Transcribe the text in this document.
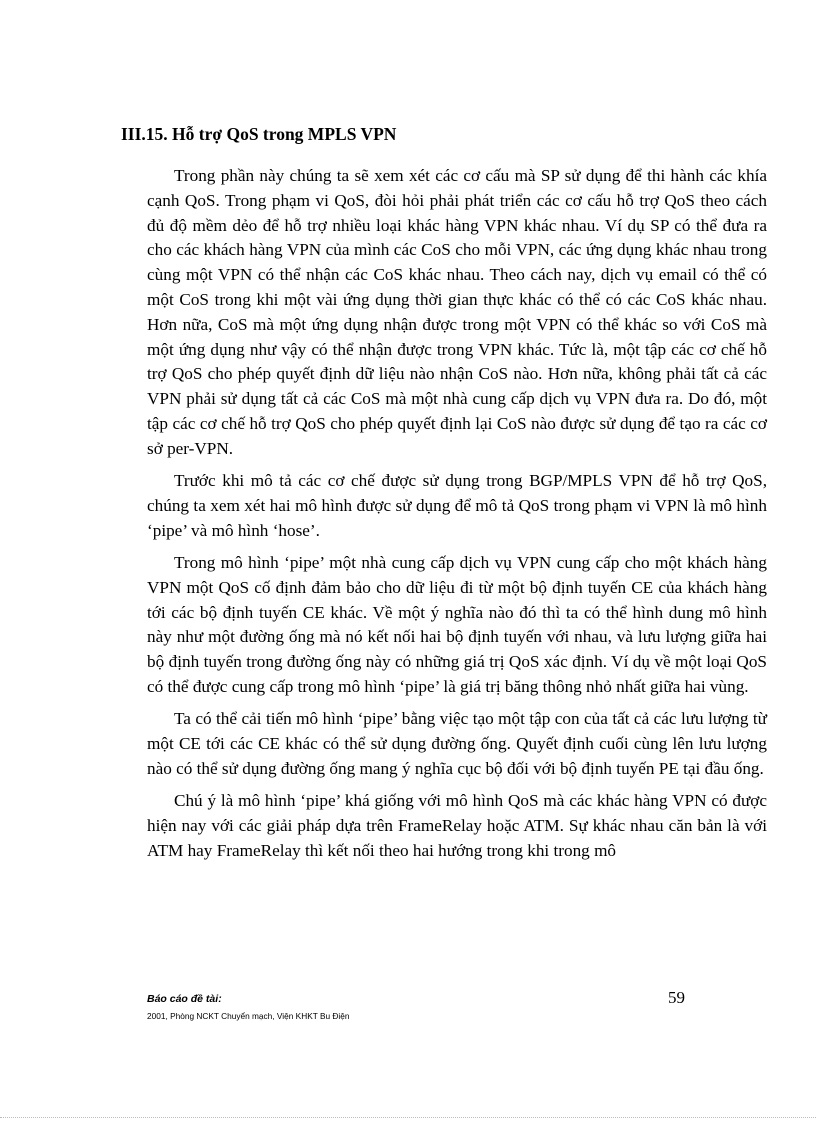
III.15. Hỗ trợ QoS trong MPLS VPN

Trong phần này chúng ta sẽ xem xét các cơ cấu mà SP sử dụng để thi hành các khía cạnh QoS. Trong phạm vi QoS, đòi hỏi phải phát triển các cơ cấu hỗ trợ QoS theo cách đủ độ mềm dẻo để hỗ trợ nhiều loại khác hàng VPN khác nhau. Ví dụ SP có thể đưa ra cho các khách hàng VPN của mình các CoS cho mỗi VPN, các ứng dụng khác nhau trong cùng một VPN có thể nhận các CoS khác nhau. Theo cách nay, dịch vụ email có thể có một CoS trong khi một vài ứng dụng thời gian thực khác có thể có các CoS khác nhau. Hơn nữa, CoS mà một ứng dụng nhận được trong một VPN có thể khác so với CoS mà một ứng dụng như vậy có thể nhận được trong VPN khác. Tức là, một tập các cơ chế hỗ trợ QoS cho phép quyết định dữ liệu nào nhận CoS nào. Hơn nữa, không phải tất cả các VPN phải sử dụng tất cả các CoS mà một nhà cung cấp dịch vụ VPN đưa ra. Do đó, một tập các cơ chế hỗ trợ QoS cho phép quyết định lại CoS nào được sử dụng để tạo ra các cơ sở per-VPN.

Trước khi mô tả các cơ chế được sử dụng trong BGP/MPLS VPN để hỗ trợ QoS, chúng ta xem xét hai mô hình được sử dụng để mô tả QoS trong phạm vi VPN là mô hình ‘pipe’ và mô hình ‘hose’.

Trong mô hình ‘pipe’ một nhà cung cấp dịch vụ VPN cung cấp cho một khách hàng VPN một QoS cố định đảm bảo cho dữ liệu đi từ một bộ định tuyến CE của khách hàng tới các bộ định tuyến CE khác. Về một ý nghĩa nào đó thì ta có thể hình dung mô hình này như một đường ống mà nó kết nối hai bộ định tuyến với nhau, và lưu lượng giữa hai bộ định tuyến trong đường ống này có những giá trị QoS xác định. Ví dụ về một loại QoS có thể được cung cấp trong mô hình ‘pipe’ là giá trị băng thông nhỏ nhất giữa hai vùng.

Ta có thể cải tiến mô hình ‘pipe’ bằng việc tạo một tập con của tất cả các lưu lượng từ một CE tới các CE khác có thể sử dụng đường ống. Quyết định cuối cùng lên lưu lượng nào có thể sử dụng đường ống mang ý nghĩa cục bộ đối với bộ định tuyến PE tại đầu ống.

Chú ý là mô hình ‘pipe’ khá giống với mô hình QoS mà các khác hàng VPN có được hiện nay với các giải pháp dựa trên FrameRelay hoặc ATM. Sự khác nhau căn bản là với ATM hay FrameRelay thì kết nối theo hai hướng trong khi trong mô

Báo cáo đề tài:
2001, Phòng NCKT Chuyển mạch, Viện KHKT Bu Điện
59
